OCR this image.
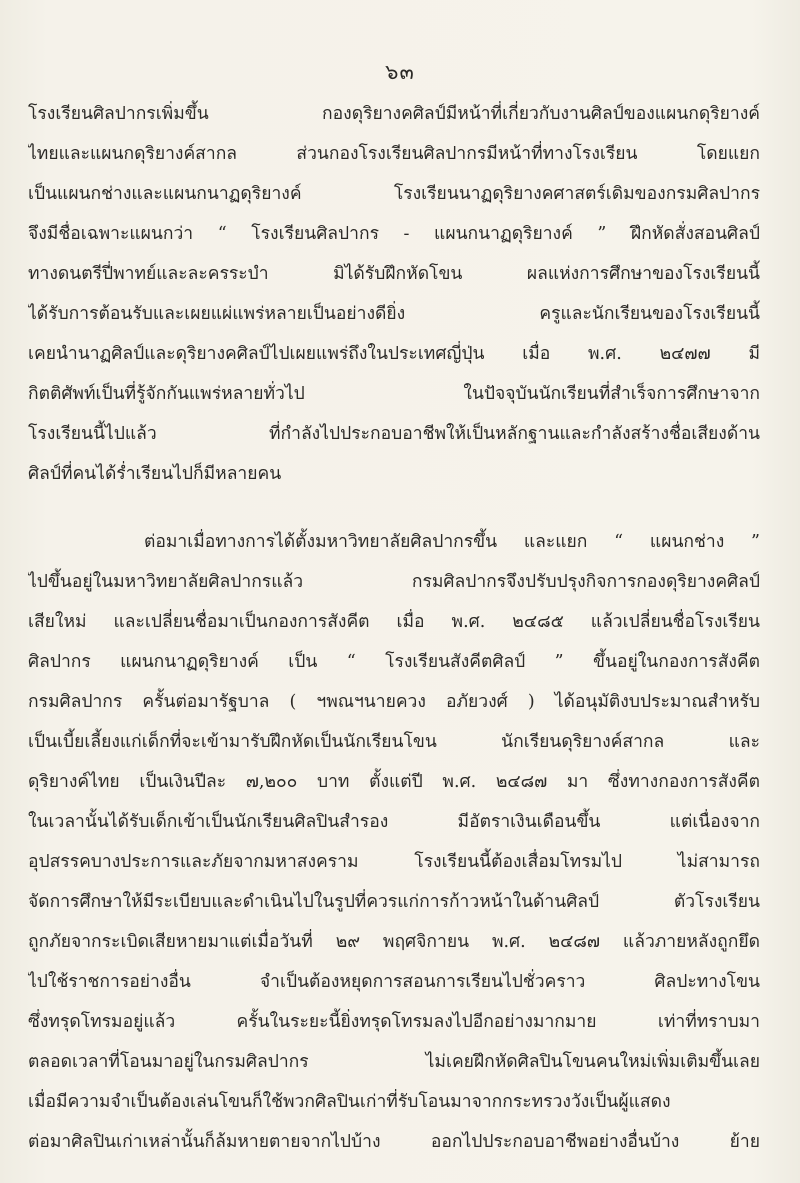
๖๓
โรงเรียนศิลปากรเพิ่มขึ้น กองดุริยางคศิลป์มีหน้าที่เกี่ยวกับงานศิลป์ของแผนกดุริยางค์
ไทยและแผนกดุริยางค์สากล ส่วนกองโรงเรียนศิลปากรมีหน้าที่ทางโรงเรียน โดยแยก
เป็นแผนกช่างและแผนกนาฏดุริยางค์ โรงเรียนนาฏดุริยางคศาสตร์เดิมของกรมศิลปากร
จึงมีชื่อเฉพาะแผนกว่า “ โรงเรียนศิลปากร - แผนกนาฏดุริยางค์ ” ฝึกหัดสั่งสอนศิลป์
ทางดนตรีปี่พาทย์และละครระบำ มิได้รับฝึกหัดโขน ผลแห่งการศึกษาของโรงเรียนนี้
ได้รับการต้อนรับและเผยแผ่แพร่หลายเป็นอย่างดียิ่ง ครูและนักเรียนของโรงเรียนนี้
เคยนำนาฏศิลป์และดุริยางคศิลป์ไปเผยแพร่ถึงในประเทศญี่ปุ่น เมื่อ พ.ศ. ๒๔๗๗ มี
กิตติศัพท์เป็นที่รู้จักกันแพร่หลายทั่วไป ในปัจจุบันนักเรียนที่สำเร็จการศึกษาจาก
โรงเรียนนี้ไปแล้ว ที่กำลังไปประกอบอาชีพให้เป็นหลักฐานและกำลังสร้างชื่อเสียงด้าน
ศิลป์ที่คนได้ร่ำเรียนไปก็มีหลายคน
ต่อมาเมื่อทางการได้ตั้งมหาวิทยาลัยศิลปากรขึ้น และแยก “ แผนกช่าง ”
ไปขึ้นอยู่ในมหาวิทยาลัยศิลปากรแล้ว กรมศิลปากรจึงปรับปรุงกิจการกองดุริยางคศิลป์
เสียใหม่ และเปลี่ยนชื่อมาเป็นกองการสังคีต เมื่อ พ.ศ. ๒๔๘๕ แล้วเปลี่ยนชื่อโรงเรียน
ศิลปากร แผนกนาฏดุริยางค์ เป็น “ โรงเรียนสังคีตศิลป์ ” ขึ้นอยู่ในกองการสังคีต
กรมศิลปากร ครั้นต่อมารัฐบาล ( ฯพณฯนายควง อภัยวงศ์ ) ได้อนุมัติงบประมาณสำหรับ
เป็นเบี้ยเลี้ยงแก่เด็กที่จะเข้ามารับฝึกหัดเป็นนักเรียนโขน นักเรียนดุริยางค์สากล และ
ดุริยางค์ไทย เป็นเงินปีละ ๗,๒๐๐ บาท ตั้งแต่ปี พ.ศ. ๒๔๘๗ มา ซึ่งทางกองการสังคีต
ในเวลานั้นได้รับเด็กเข้าเป็นนักเรียนศิลปินสำรอง มีอัตราเงินเดือนขึ้น แต่เนื่องจาก
อุปสรรคบางประการและภัยจากมหาสงคราม โรงเรียนนี้ต้องเสื่อมโทรมไป ไม่สามารถ
จัดการศึกษาให้มีระเบียบและดำเนินไปในรูปที่ควรแก่การก้าวหน้าในด้านศิลป์ ตัวโรงเรียน
ถูกภัยจากระเบิดเสียหายมาแต่เมื่อวันที่ ๒๙ พฤศจิกายน พ.ศ. ๒๔๘๗ แล้วภายหลังถูกยึด
ไปใช้ราชการอย่างอื่น จำเป็นต้องหยุดการสอนการเรียนไปชั่วคราว ศิลปะทางโขน
ซึ่งทรุดโทรมอยู่แล้ว ครั้นในระยะนี้ยิ่งทรุดโทรมลงไปอีกอย่างมากมาย เท่าที่ทราบมา
ตลอดเวลาที่โอนมาอยู่ในกรมศิลปากร ไม่เคยฝึกหัดศิลปินโขนคนใหม่เพิ่มเติมขึ้นเลย
เมื่อมีความจำเป็นต้องเล่นโขนก็ใช้พวกศิลปินเก่าที่รับโอนมาจากกระทรวงวังเป็นผู้แสดง
ต่อมาศิลปินเก่าเหล่านั้นก็ล้มหายตายจากไปบ้าง ออกไปประกอบอาชีพอย่างอื่นบ้าง ย้าย
